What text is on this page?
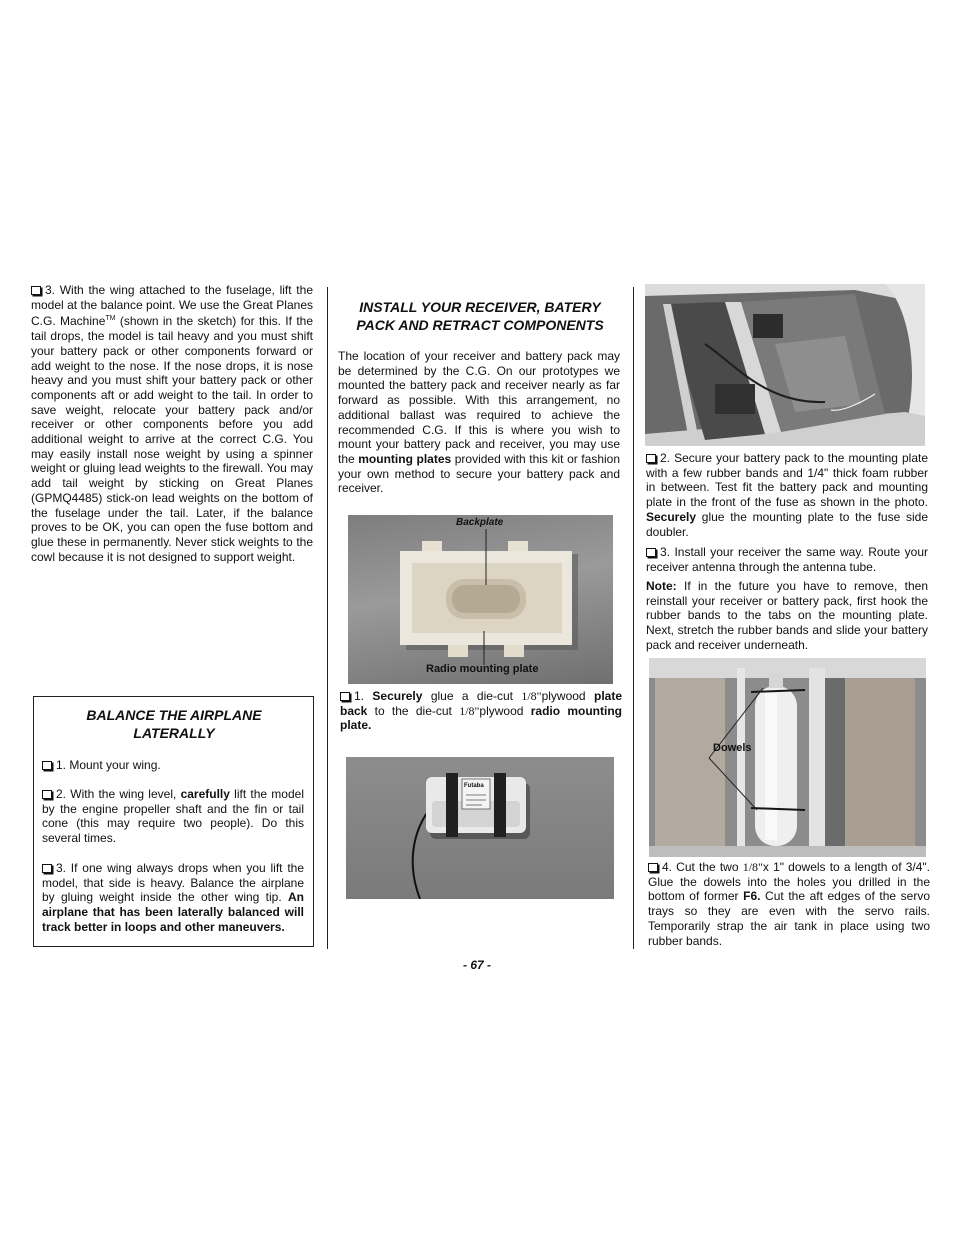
3. With the wing attached to the fuselage, lift the model at the balance point. We use the Great Planes C.G. Machine™ (shown in the sketch) for this. If the tail drops, the model is tail heavy and you must shift your battery pack or other components forward or add weight to the nose. If the nose drops, it is nose heavy and you must shift your battery pack or other components aft or add weight to the tail. In order to save weight, relocate your battery pack and/or receiver or other components before you add additional weight to arrive at the correct C.G. You may easily install nose weight by using a spinner weight or gluing lead weights to the firewall. You may add tail weight by sticking on Great Planes (GPMQ4485) stick-on lead weights on the bottom of the fuselage under the tail. Later, if the balance proves to be OK, you can open the fuse bottom and glue these in permanently. Never stick weights to the cowl because it is not designed to support weight.

BALANCE THE AIRPLANE
LATERALLY

1. Mount your wing.

2. With the wing level, carefully lift the model by the engine propeller shaft and the fin or tail cone (this may require two people). Do this several times.

3. If one wing always drops when you lift the model, that side is heavy. Balance the airplane by gluing weight inside the other wing tip. An airplane that has been laterally balanced will track better in loops and other maneuvers.

INSTALL YOUR RECEIVER, BATERY
PACK AND RETRACT COMPONENTS

The location of your receiver and battery pack may be determined by the C.G. On our prototypes we mounted the battery pack and receiver nearly as far forward as possible. With this arrangement, no additional ballast was required to achieve the recommended C.G. If this is where you wish to mount your battery pack and receiver, you may use the mounting plates provided with this kit or fashion your own method to secure your battery pack and receiver.

Backplate
Radio mounting plate

1. Securely glue a die-cut 1/8"plywood plate back to the die-cut 1/8"plywood radio mounting plate.

Futaba

2. Secure your battery pack to the mounting plate with a few rubber bands and 1/4" thick foam rubber in between. Test fit the battery pack and mounting plate in the front of the fuse as shown in the photo. Securely glue the mounting plate to the fuse side doubler.

3. Install your receiver the same way. Route your receiver antenna through the antenna tube.

Note: If in the future you have to remove, then reinstall your receiver or battery pack, first hook the rubber bands to the tabs on the mounting plate. Next, stretch the rubber bands and slide your battery pack and receiver underneath.

Dowels

4. Cut the two 1/8"x 1" dowels to a length of 3/4". Glue the dowels into the holes you drilled in the bottom of former F6. Cut the aft edges of the servo trays so they are even with the servo rails. Temporarily strap the air tank in place using two rubber bands.

- 67 -
